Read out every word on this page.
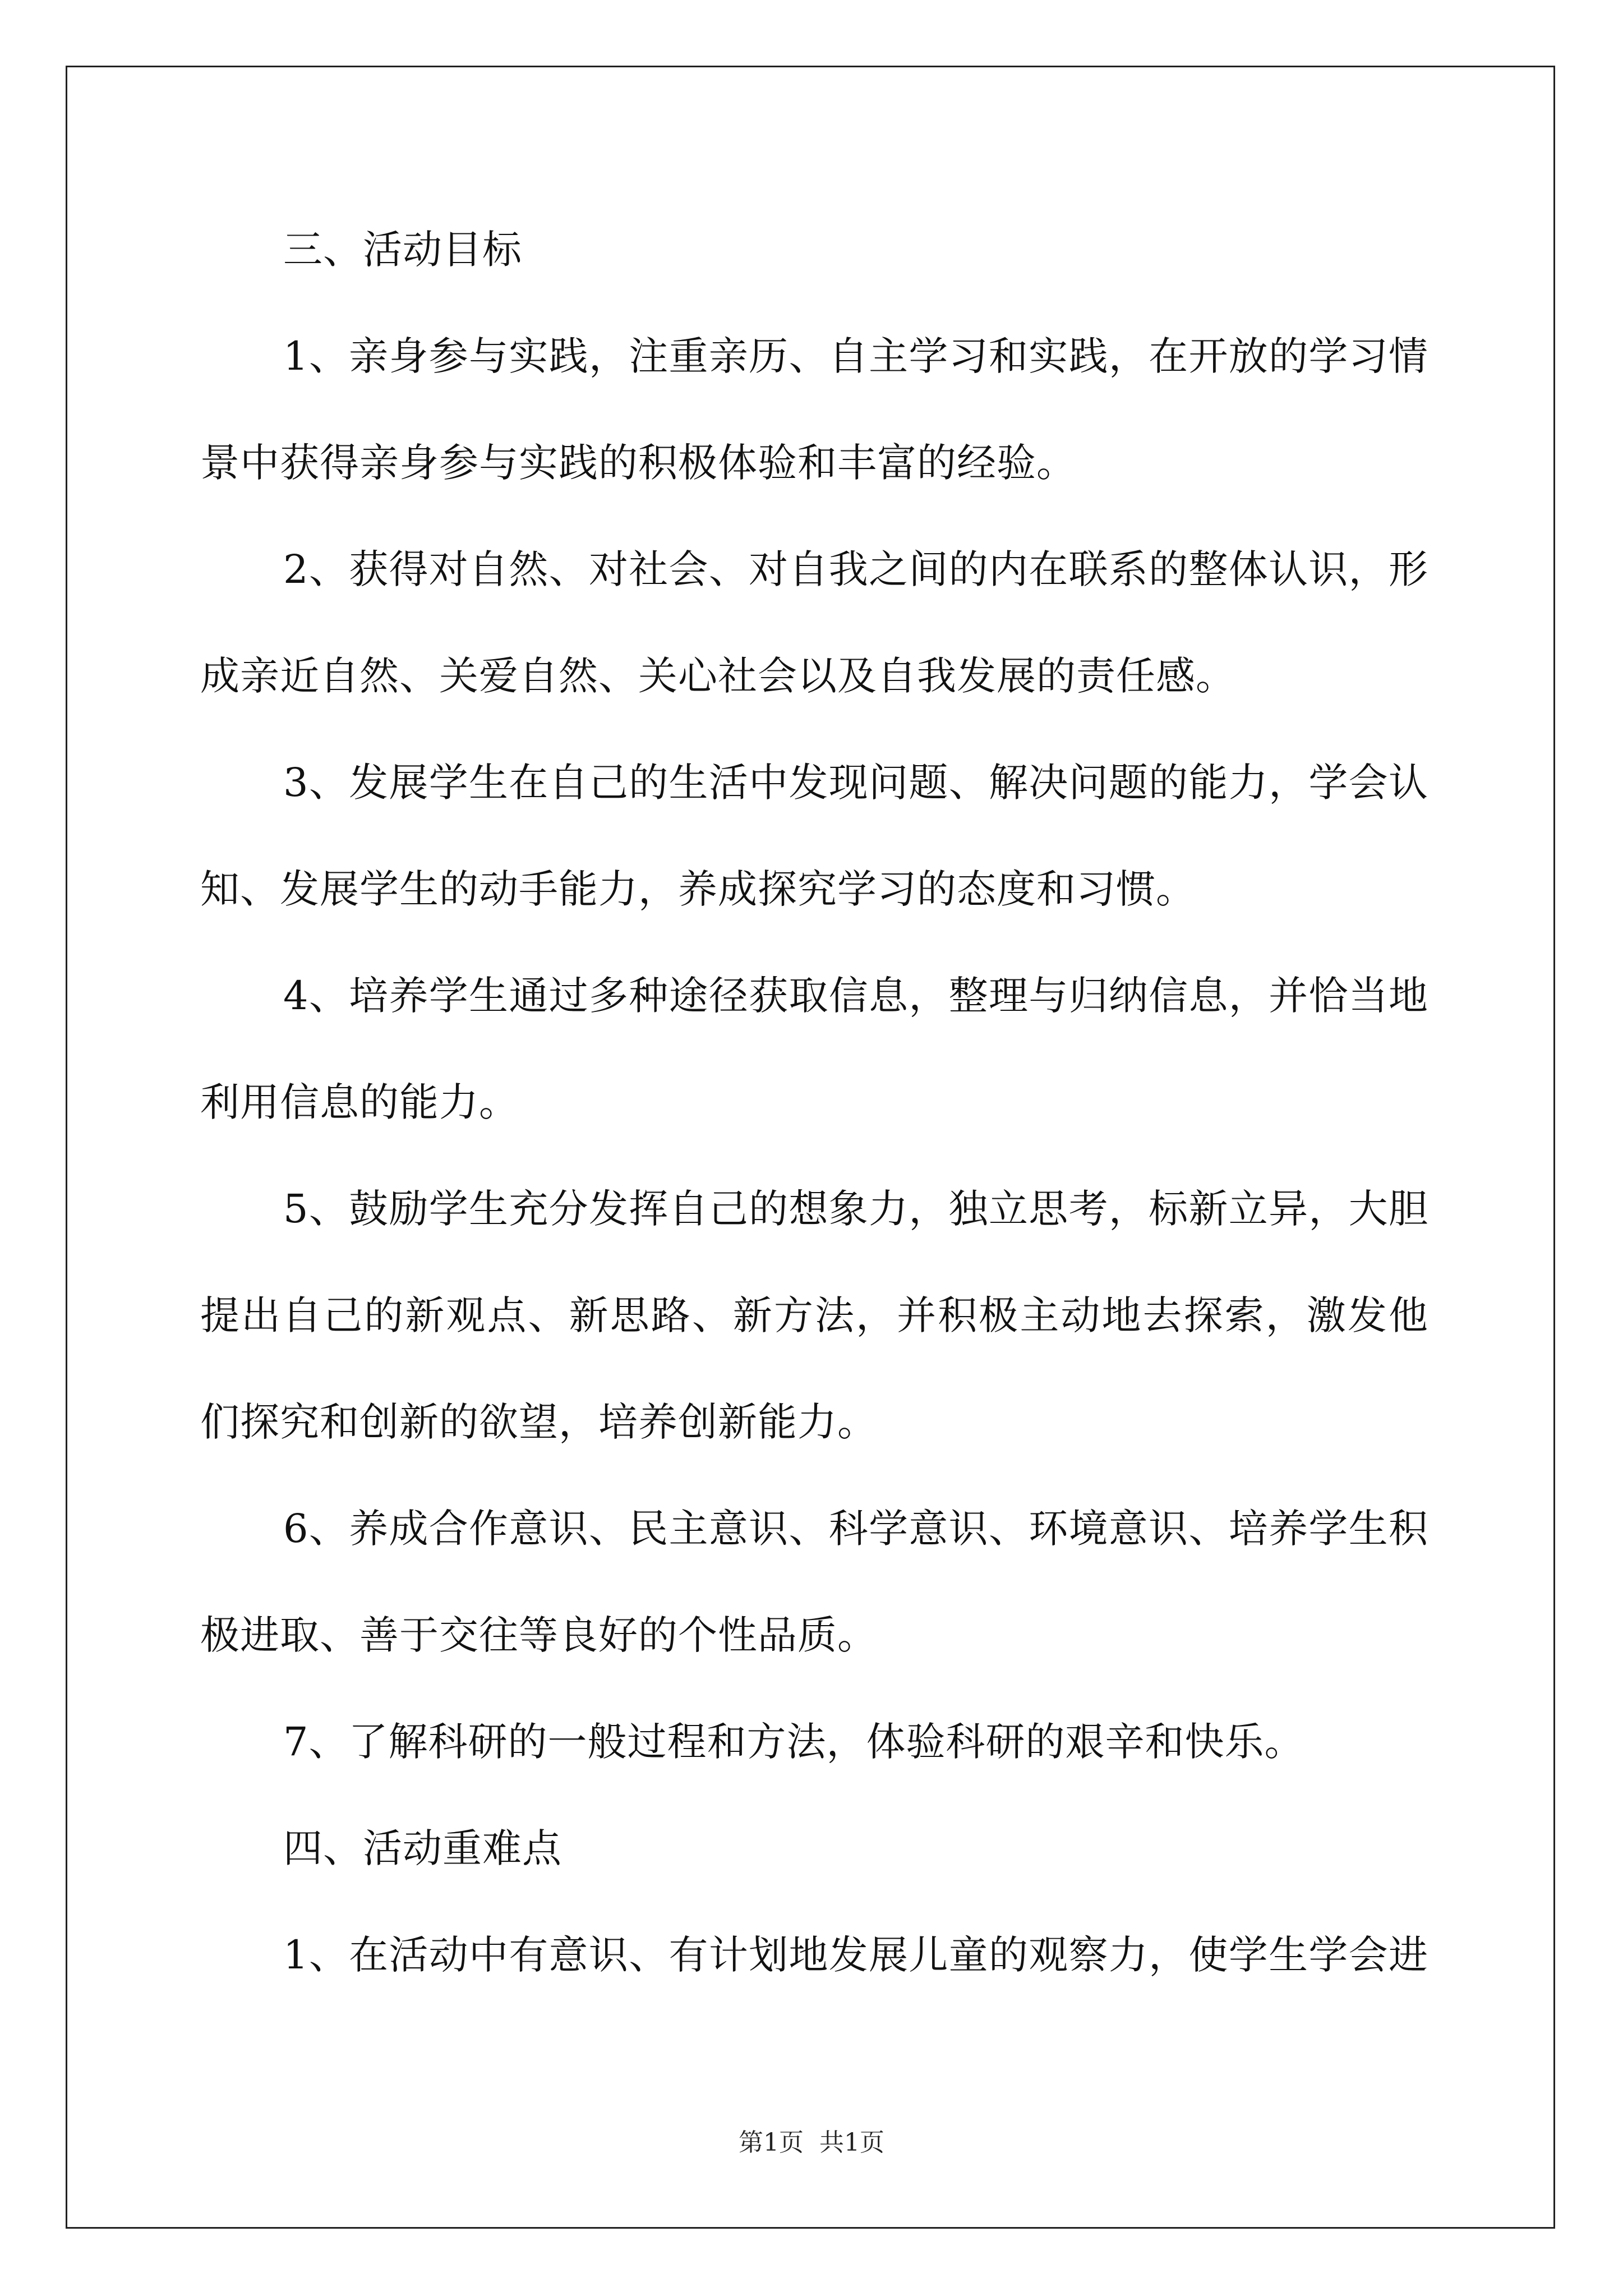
三、活动目标
1、亲身参与实践，注重亲历、自主学习和实践，在开放的学习情
景中获得亲身参与实践的积极体验和丰富的经验。
2、获得对自然、对社会、对自我之间的内在联系的整体认识，形
成亲近自然、关爱自然、关心社会以及自我发展的责任感。
3、发展学生在自己的生活中发现问题、解决问题的能力，学会认
知、发展学生的动手能力，养成探究学习的态度和习惯。
4、培养学生通过多种途径获取信息，整理与归纳信息，并恰当地
利用信息的能力。
5、鼓励学生充分发挥自己的想象力，独立思考，标新立异，大胆
提出自己的新观点、新思路、新方法，并积极主动地去探索，激发他
们探究和创新的欲望，培养创新能力。
6、养成合作意识、民主意识、科学意识、环境意识、培养学生积
极进取、善于交往等良好的个性品质。
7、了解科研的一般过程和方法，体验科研的艰辛和快乐。
四、活动重难点
1、在活动中有意识、有计划地发展儿童的观察力，使学生学会进
第1页 共1页
